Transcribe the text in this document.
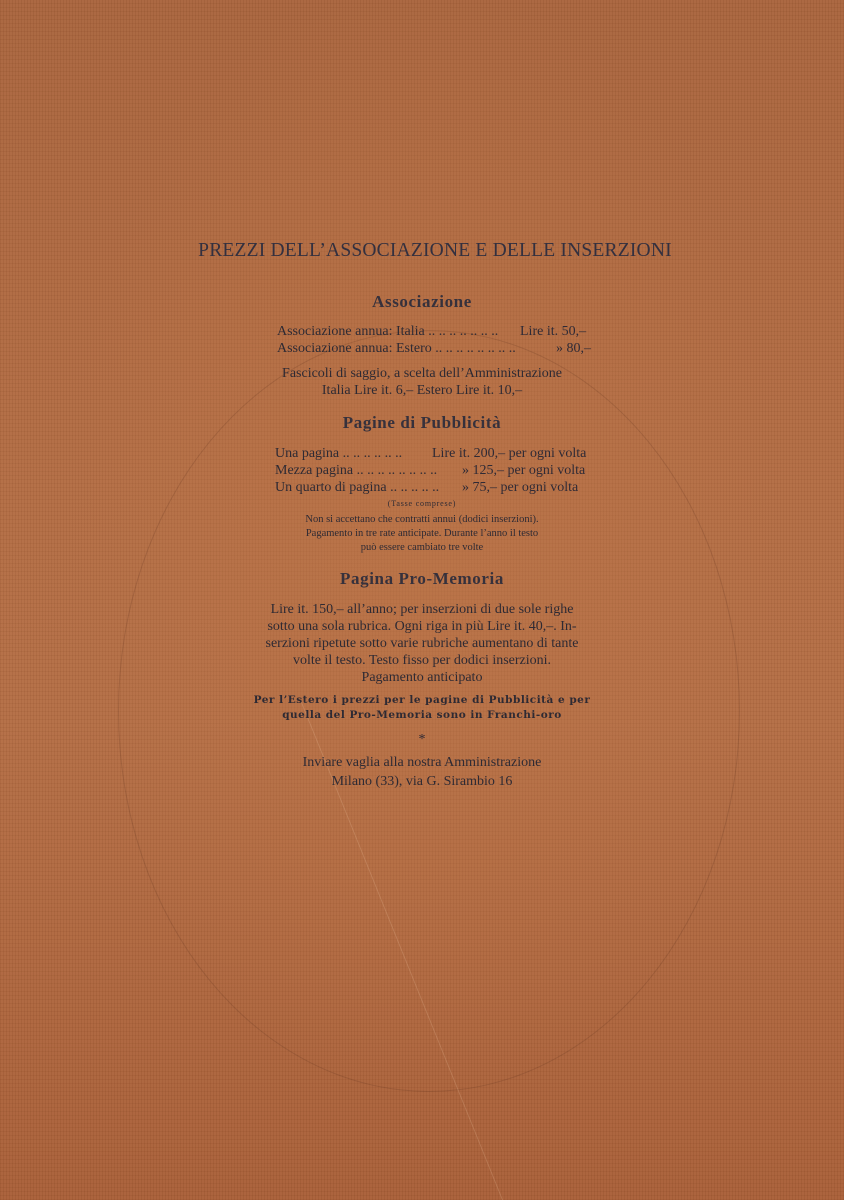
PREZZI DELL’ASSOCIAZIONE E DELLE INSERZIONI
Associazione
Associazione annua: Italia .. .. .. .. .. .. .. Lire it. 50,–
Associazione annua: Estero .. .. .. .. .. .. .. ..	» 80,–
Fascicoli di saggio, a scelta dell’Amministrazione
Italia Lire it. 6,– Estero Lire it. 10,–
Pagine di Pubblicità
Una pagina .. .. .. .. .. .. Lire it. 200,– per ogni volta
Mezza pagina .. .. .. .. .. .. .. .. » 125,– per ogni volta
Un quarto di pagina .. .. .. .. .. » 75,– per ogni volta
(Tasse comprese)
Non si accettano che contratti annui (dodici inserzioni).
Pagamento in tre rate anticipate. Durante l’anno il testo
può essere cambiato tre volte
Pagina Pro-Memoria
Lire it. 150,– all’anno; per inserzioni di due sole righe
sotto una sola rubrica. Ogni riga in più Lire it. 40,–. In-
serzioni ripetute sotto varie rubriche aumentano di tante
volte il testo. Testo fisso per dodici inserzioni.
Pagamento anticipato
Per l’Estero i prezzi per le pagine di Pubblicità e per
quella del Pro-Memoria sono in Franchi-oro
*
Inviare vaglia alla nostra Amministrazione
Milano (33), via G. Sirambio 16
